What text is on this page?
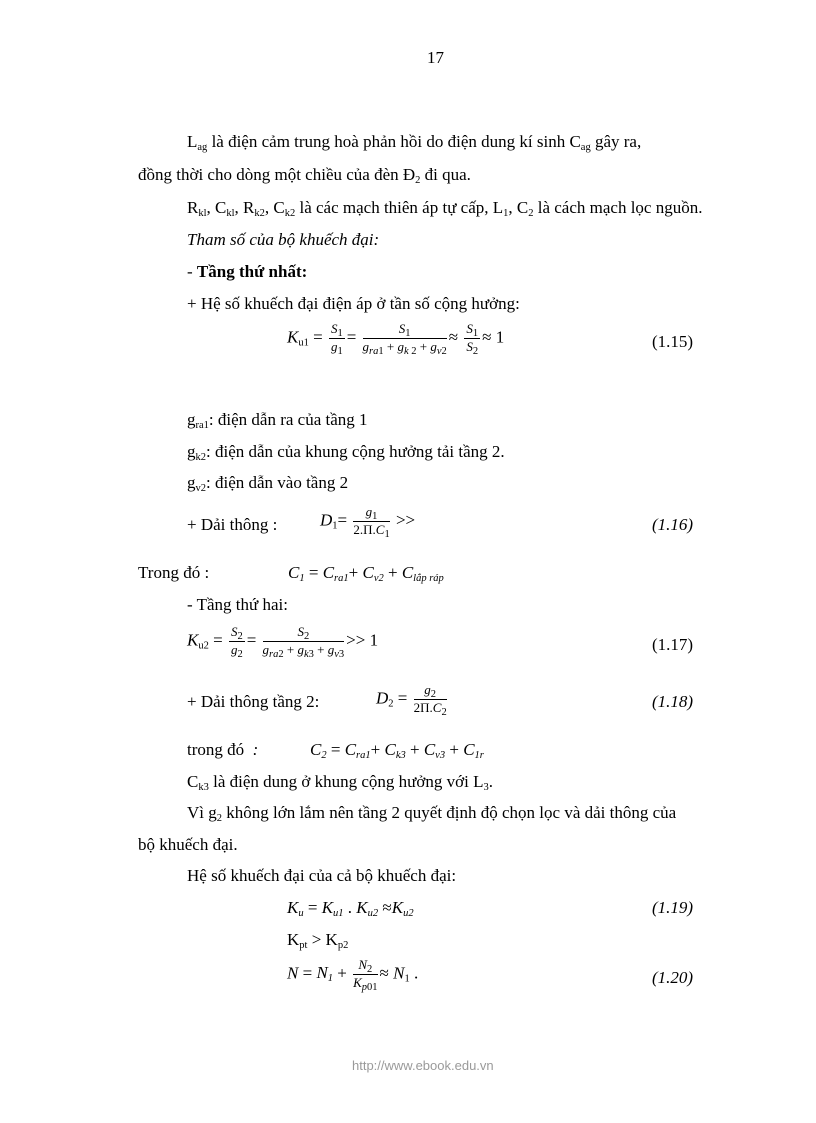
17
$L_{ag}$ là điện cảm trung hoà phản hồi do điện dung kí $\sinh C_{ag}$ gây ra,
đồng thời cho dòng một chiều của đèn $Đ_2$ đi qua.
$R_{kl}$, $C_{kl}$, $R_{k2}$, $C_{k2}$ là các mạch thiên áp tự cấp, $L_1$, $C_2$ là cách mạch lọc nguồn.
Tham số của bộ khuếch đại:
- Tầng thứ nhất:
+ Hệ số khuếch đại điện áp ở tần số cộng hưởng:
$K_{u1} = \frac{S_1}{g_1} = \frac{S_1}{g_{ra1} + g_{k 2} + g_{v2}} \approx \frac{S_1}{S_2} \approx 1$	(1.15)
$g_{ra1}$: điện dẫn ra của tầng 1
$g_{k2}$: điện dẫn của khung cộng hưởng tải tầng 2.
$g_{v2}$: điện dẫn vào tầng 2
+ Dải thông :	$D_1= \frac{g_1}{2.\Pi.C_1}$ >>	(1.16)
Trong đó :	$C_1 = C_{ra1}+ C_{v2} + C_{lắp ráp}$
- Tầng thứ hai:
$K_{u2} = \frac{S_2}{g_2} = \frac{S_2}{g_{ra2} + g_{k3} + g_{v3}} >> 1$	(1.17)
+ Dải thông tầng 2:	$D_2 = \frac{g_2}{2\Pi.C_2}$	(1.18)
trong đó :	$C_2 = C_{ra1}+ C_{k3} + C_{v3} + C_{1r}$
$C_{k3}$ là điện dung ở khung cộng hưởng với $L_3$.
Vì $g_2$ không lớn lắm nên tầng 2 quyết định độ chọn lọc và dải thông của
bộ khuếch đại.
Hệ số khuếch đại của cả bộ khuếch đại:
$K_u = K_{u1}$ . $K_{u2} \approx K_{u2}$	(1.19)
$K_{pt} > K_{p2}$
$N = N_1 + \frac{N_2}{K_{p01}} \approx N_1$ .	(1.20)
http://www.ebook.edu.vn
